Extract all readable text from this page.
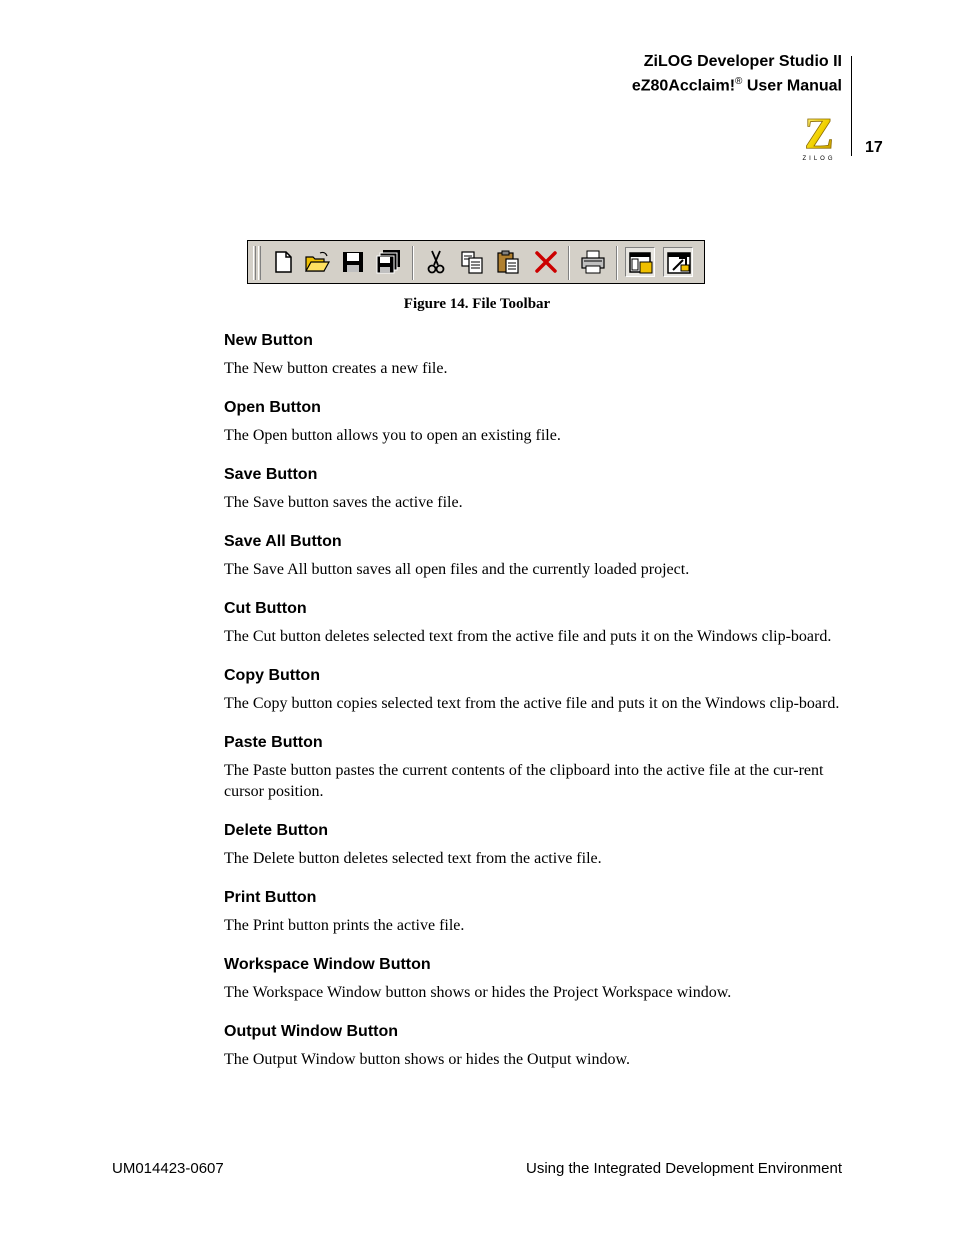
ZiLOG Developer Studio II
eZ80Acclaim!® User Manual
17
Z
ZILOG
Figure 14. File Toolbar
New Button
The New button creates a new file.
Open Button
The Open button allows you to open an existing file.
Save Button
The Save button saves the active file.
Save All Button
The Save All button saves all open files and the currently loaded project.
Cut Button
The Cut button deletes selected text from the active file and puts it on the Windows clip-board.
Copy Button
The Copy button copies selected text from the active file and puts it on the Windows clip-board.
Paste Button
The Paste button pastes the current contents of the clipboard into the active file at the cur-rent cursor position.
Delete Button
The Delete button deletes selected text from the active file.
Print Button
The Print button prints the active file.
Workspace Window Button
The Workspace Window button shows or hides the Project Workspace window.
Output Window Button
The Output Window button shows or hides the Output window.
UM014423-0607	Using the Integrated Development Environment
